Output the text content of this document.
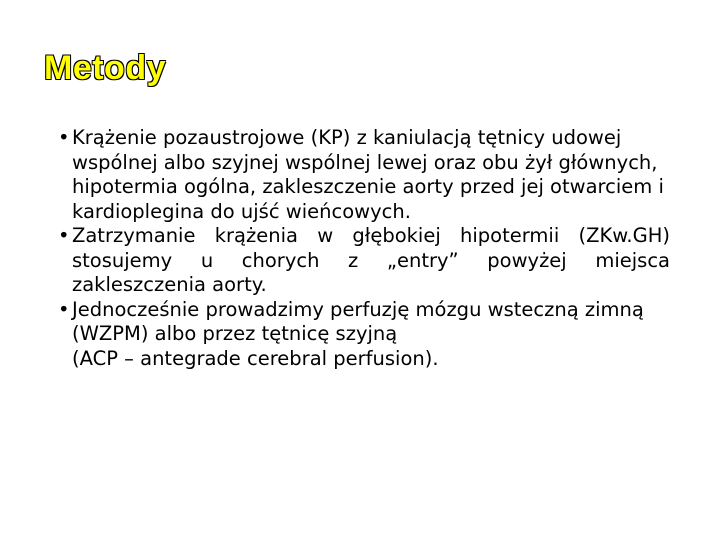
Metody

• Krążenie pozaustrojowe (KP) z kaniulacją tętnicy udowej wspólnej albo szyjnej wspólnej lewej oraz obu żył głównych, hipotermia ogólna, zakleszczenie aorty przed jej otwarciem i kardioplegina do ujść wieńcowych.

• Zatrzymanie krążenia w głębokiej hipotermii (ZKw.GH) stosujemy u chorych z „entry” powyżej miejsca zakleszczenia aorty.

• Jednocześnie prowadzimy perfuzję mózgu wsteczną zimną (WZPM) albo przez tętnicę szyjną

(ACP – antegrade cerebral perfusion).
